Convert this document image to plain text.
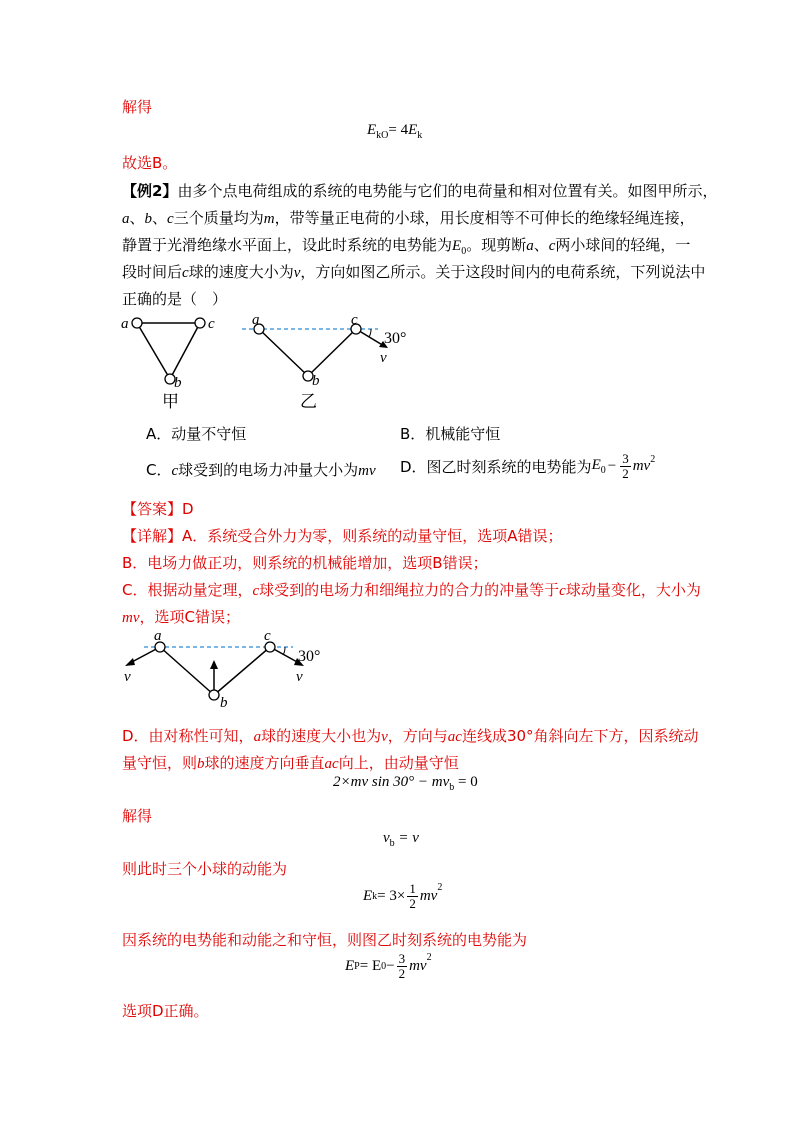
解得
$E_{kO}= 4E_k$
故选B。
【例2】由多个点电荷组成的系统的电势能与它们的电荷量和相对位置有关。如图甲所示，
a、b、c三个质量均为m，带等量正电荷的小球，用长度相等不可伸长的绝缘轻绳连接，
静置于光滑绝缘水平面上，设此时系统的电势能为$E_0$。现剪断a、c两小球间的轻绳，一
段时间后c球的速度大小为v，方向如图乙所示。关于这段时间内的电荷系统，下列说法中
正确的是（　）
a	c
b
甲
a	c
b
v
30°
乙
A．动量不守恒	B．机械能守恒
C．c球受到的电场力冲量大小为mv D．图乙时刻系统的电势能为 $E_0 - \frac{3}{2} mv^2$
【答案】D
【详解】A．系统受合外力为零，则系统的动量守恒，选项A错误；
B．电场力做正功，则系统的机械能增加，选项B错误；
C．根据动量定理，c球受到的电场力和细绳拉力的合力的冲量等于c球动量变化，大小为
mv，选项C错误；
a	c
b
v	v
30°
D．由对称性可知，a球的速度大小也为v，方向与ac连线成30°角斜向左下方，因系统动
量守恒，则b球的速度方向垂直ac向上，由动量守恒
2×mv $\sin 30^\circ - mv_b = 0$
解得
$v_b = v$
则此时三个小球的动能为
E $k = 3\times \frac{1}{2}$ mv
$^2$
因系统的电势能和动能之和守恒，则图乙时刻系统的电势能为
E P = E $0 - \frac{3}{2}$ mv
$^2$
选项D正确。
